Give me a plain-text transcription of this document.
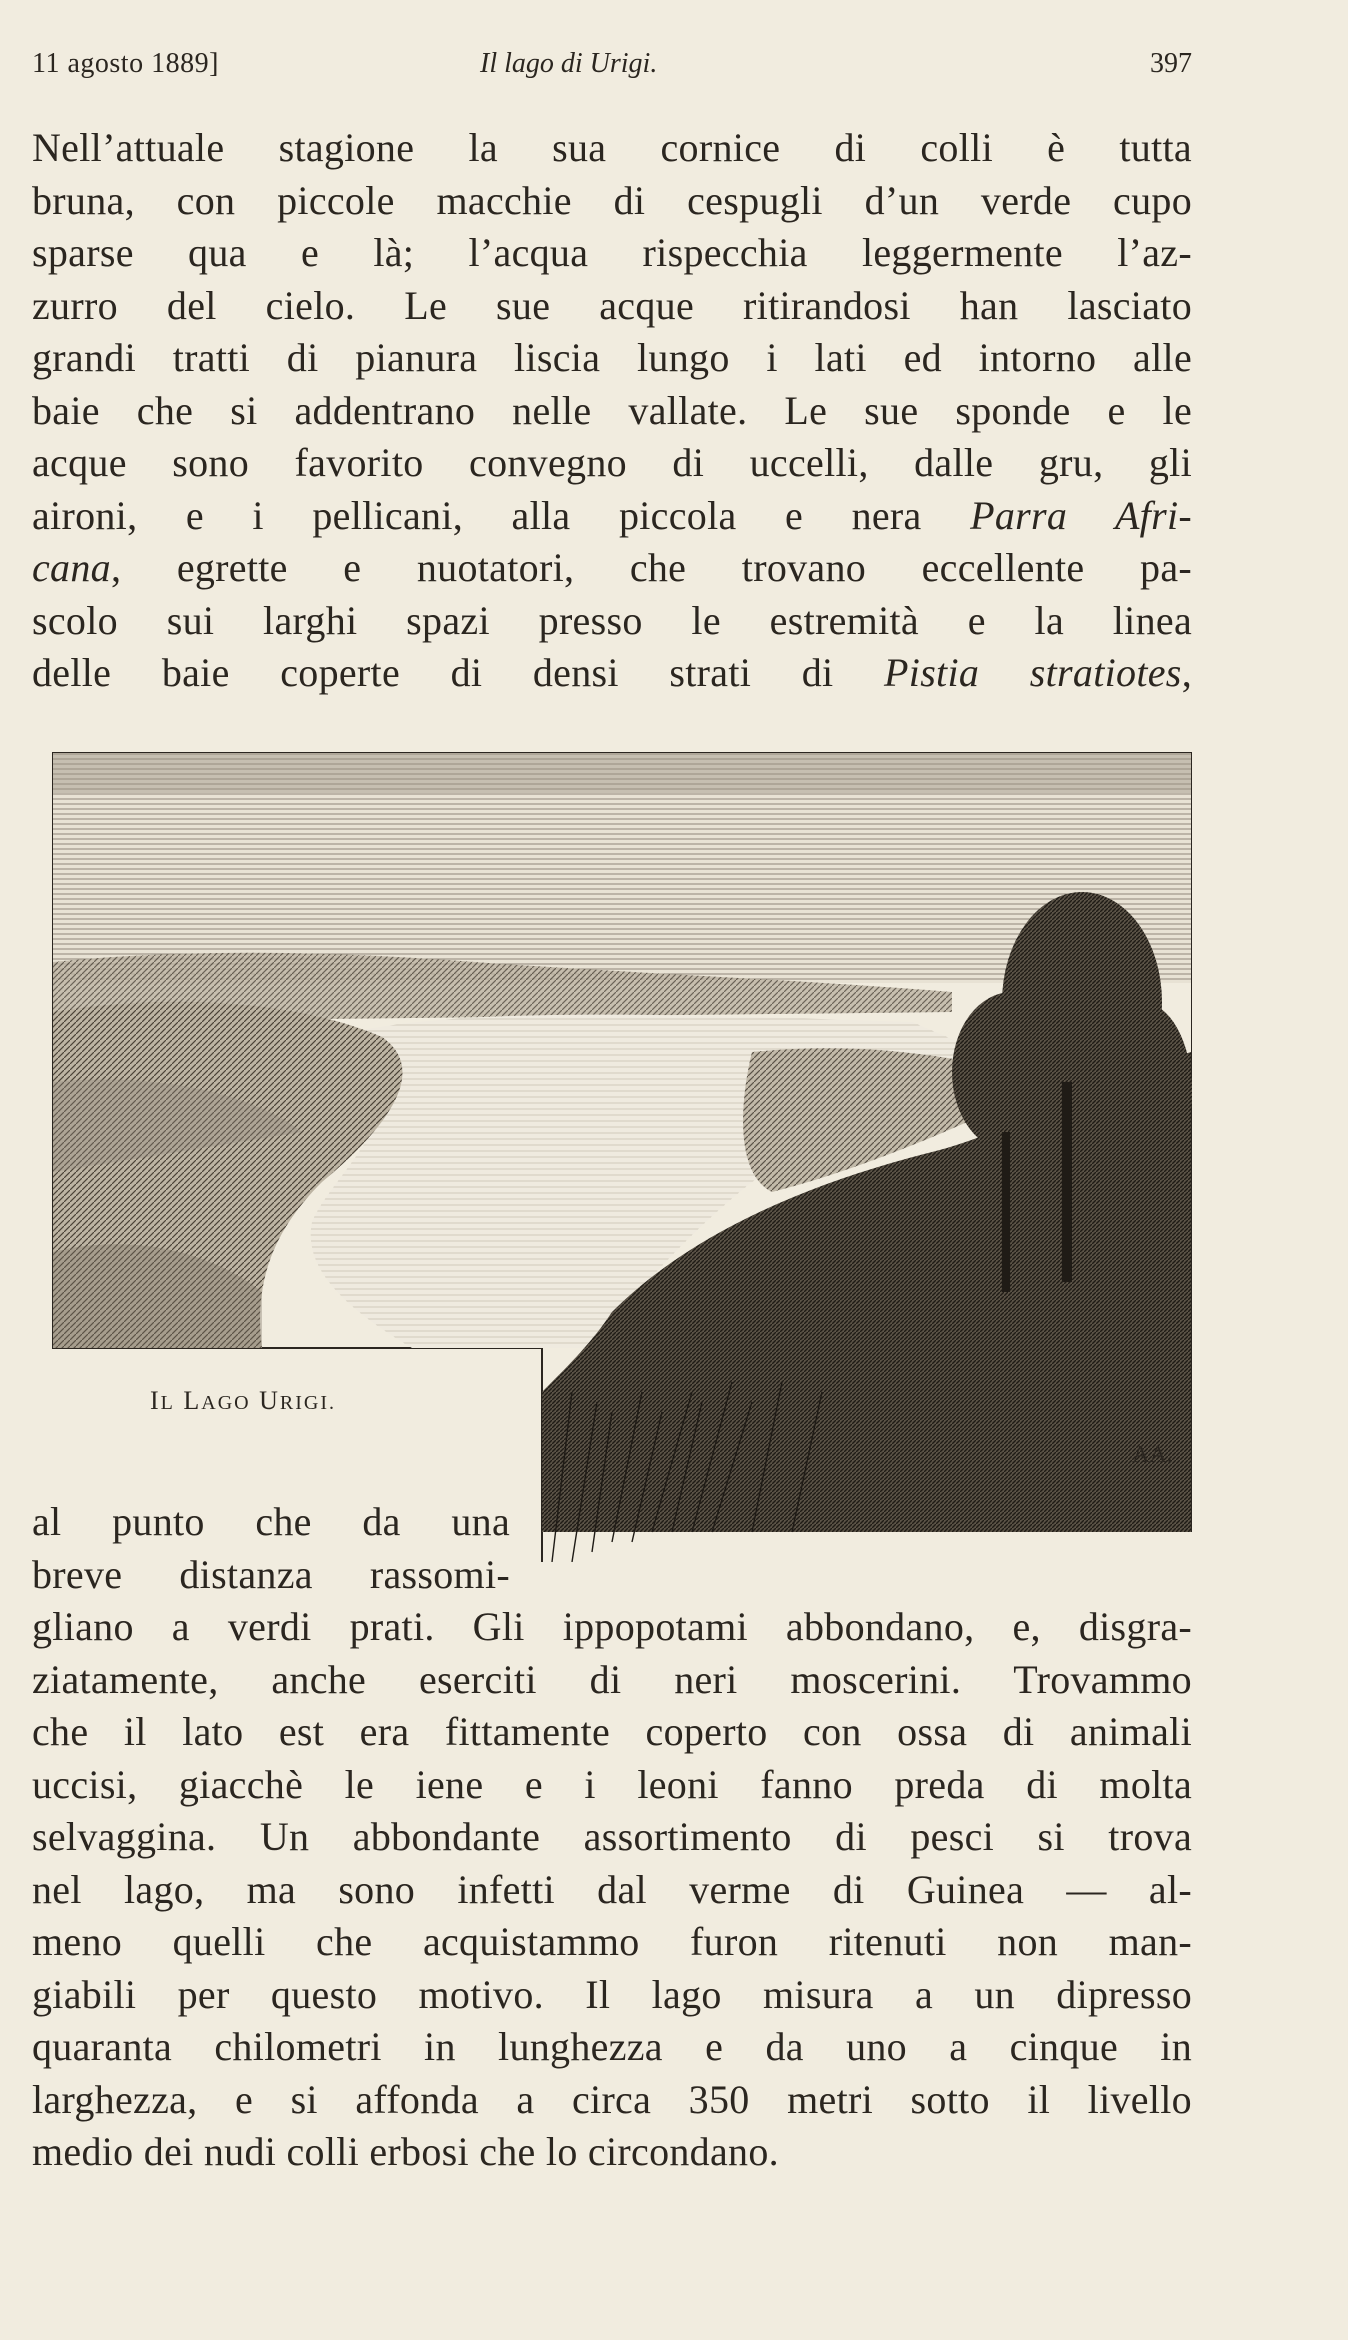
11 agosto 1889]	Il lago di Urigi.	397
Nell’attuale stagione la sua cornice di colli è tutta
bruna, con piccole macchie di cespugli d’un verde cupo
sparse qua e là; l’acqua rispecchia leggermente l’az-
zurro del cielo. Le sue acque ritirandosi han lasciato
grandi tratti di pianura liscia lungo i lati ed intorno alle
baie che si addentrano nelle vallate. Le sue sponde e le
acque sono favorito convegno di uccelli, dalle gru, gli
aironi, e i pellicani, alla piccola e nera Parra Afri-
cana, egrette e nuotatori, che trovano eccellente pa-
scolo sui larghi spazi presso le estremità e la linea
delle baie coperte di densi strati di Pistia stratiotes,
AA.
IL LAGO URIGI.
al punto che da una
breve distanza rassomi-
gliano a verdi prati. Gli ippopotami abbondano, e, disgra-
ziatamente, anche eserciti di neri moscerini. Trovammo
che il lato est era fittamente coperto con ossa di animali
uccisi, giacchè le iene e i leoni fanno preda di molta
selvaggina. Un abbondante assortimento di pesci si trova
nel lago, ma sono infetti dal verme di Guinea — al-
meno quelli che acquistammo furon ritenuti non man-
giabili per questo motivo. Il lago misura a un dipresso
quaranta chilometri in lunghezza e da uno a cinque in
larghezza, e si affonda a circa 350 metri sotto il livello
medio dei nudi colli erbosi che lo circondano.
